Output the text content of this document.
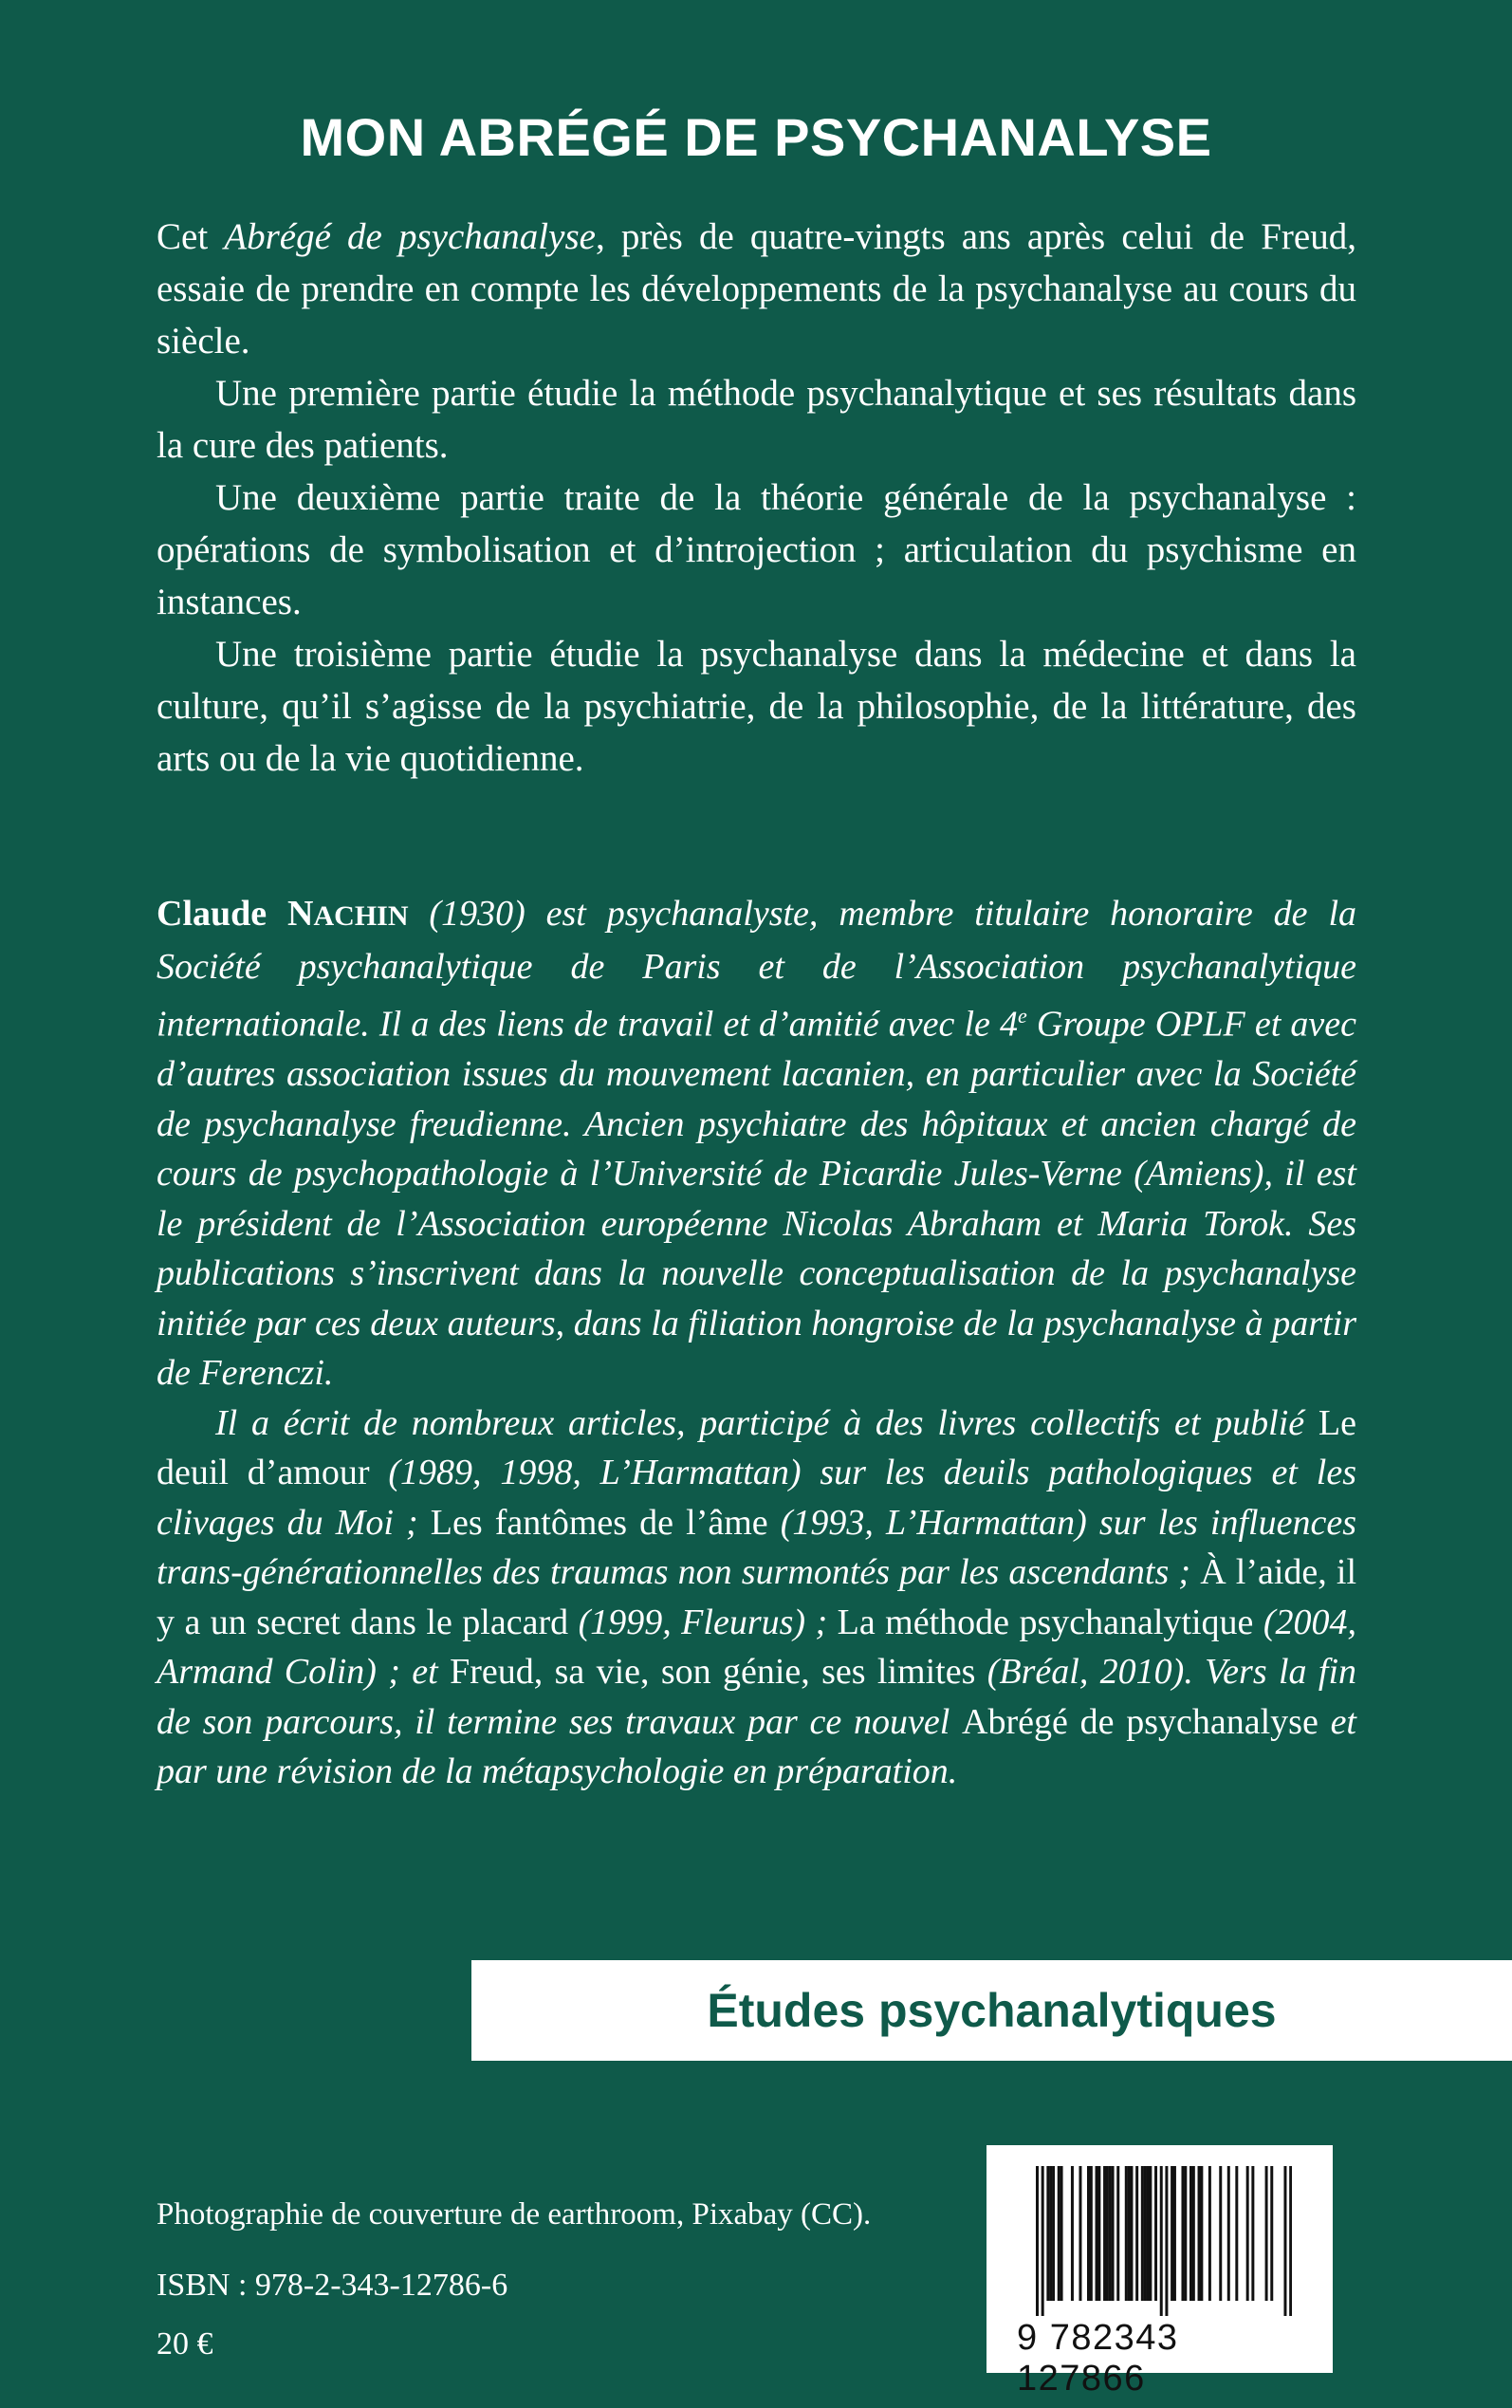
MON ABRÉGÉ DE PSYCHANALYSE

Cet Abrégé de psychanalyse, près de quatre-vingts ans après celui de Freud, essaie de prendre en compte les développements de la psychanalyse au cours du siècle.

Une première partie étudie la méthode psychanalytique et ses résultats dans la cure des patients.

Une deuxième partie traite de la théorie générale de la psychanalyse : opérations de symbolisation et d’introjection ; articulation du psychisme en instances.

Une troisième partie étudie la psychanalyse dans la médecine et dans la culture, qu’il s’agisse de la psychiatrie, de la philosophie, de la littérature, des arts ou de la vie quotidienne.

Claude NACHIN (1930) est psychanalyste, membre titulaire honoraire de la Société psychanalytique de Paris et de l’Association psychanalytique internationale. Il a des liens de travail et d’amitié avec le 4e Groupe OPLF et avec d’autres association issues du mouvement lacanien, en particulier avec la Société de psychanalyse freudienne. Ancien psychiatre des hôpitaux et ancien chargé de cours de psychopathologie à l’Université de Picardie Jules-Verne (Amiens), il est le président de l’Association européenne Nicolas Abraham et Maria Torok. Ses publications s’inscrivent dans la nouvelle conceptualisation de la psychanalyse initiée par ces deux auteurs, dans la filiation hongroise de la psychanalyse à partir de Ferenczi.

Il a écrit de nombreux articles, participé à des livres collectifs et publié Le deuil d’amour (1989, 1998, L’Harmattan) sur les deuils pathologiques et les clivages du Moi ; Les fantômes de l’âme (1993, L’Harmattan) sur les influences trans-générationnelles des traumas non surmontés par les ascendants ; À l’aide, il y a un secret dans le placard (1999, Fleurus) ; La méthode psychanalytique (2004, Armand Colin) ; et Freud, sa vie, son génie, ses limites (Bréal, 2010). Vers la fin de son parcours, il termine ses travaux par ce nouvel Abrégé de psychanalyse et par une révision de la métapsychologie en préparation.

Études psychanalytiques
Photographie de couverture de earthroom, Pixabay (CC).
ISBN : 978-2-343-12786-6
20 €	9 782343 127866
